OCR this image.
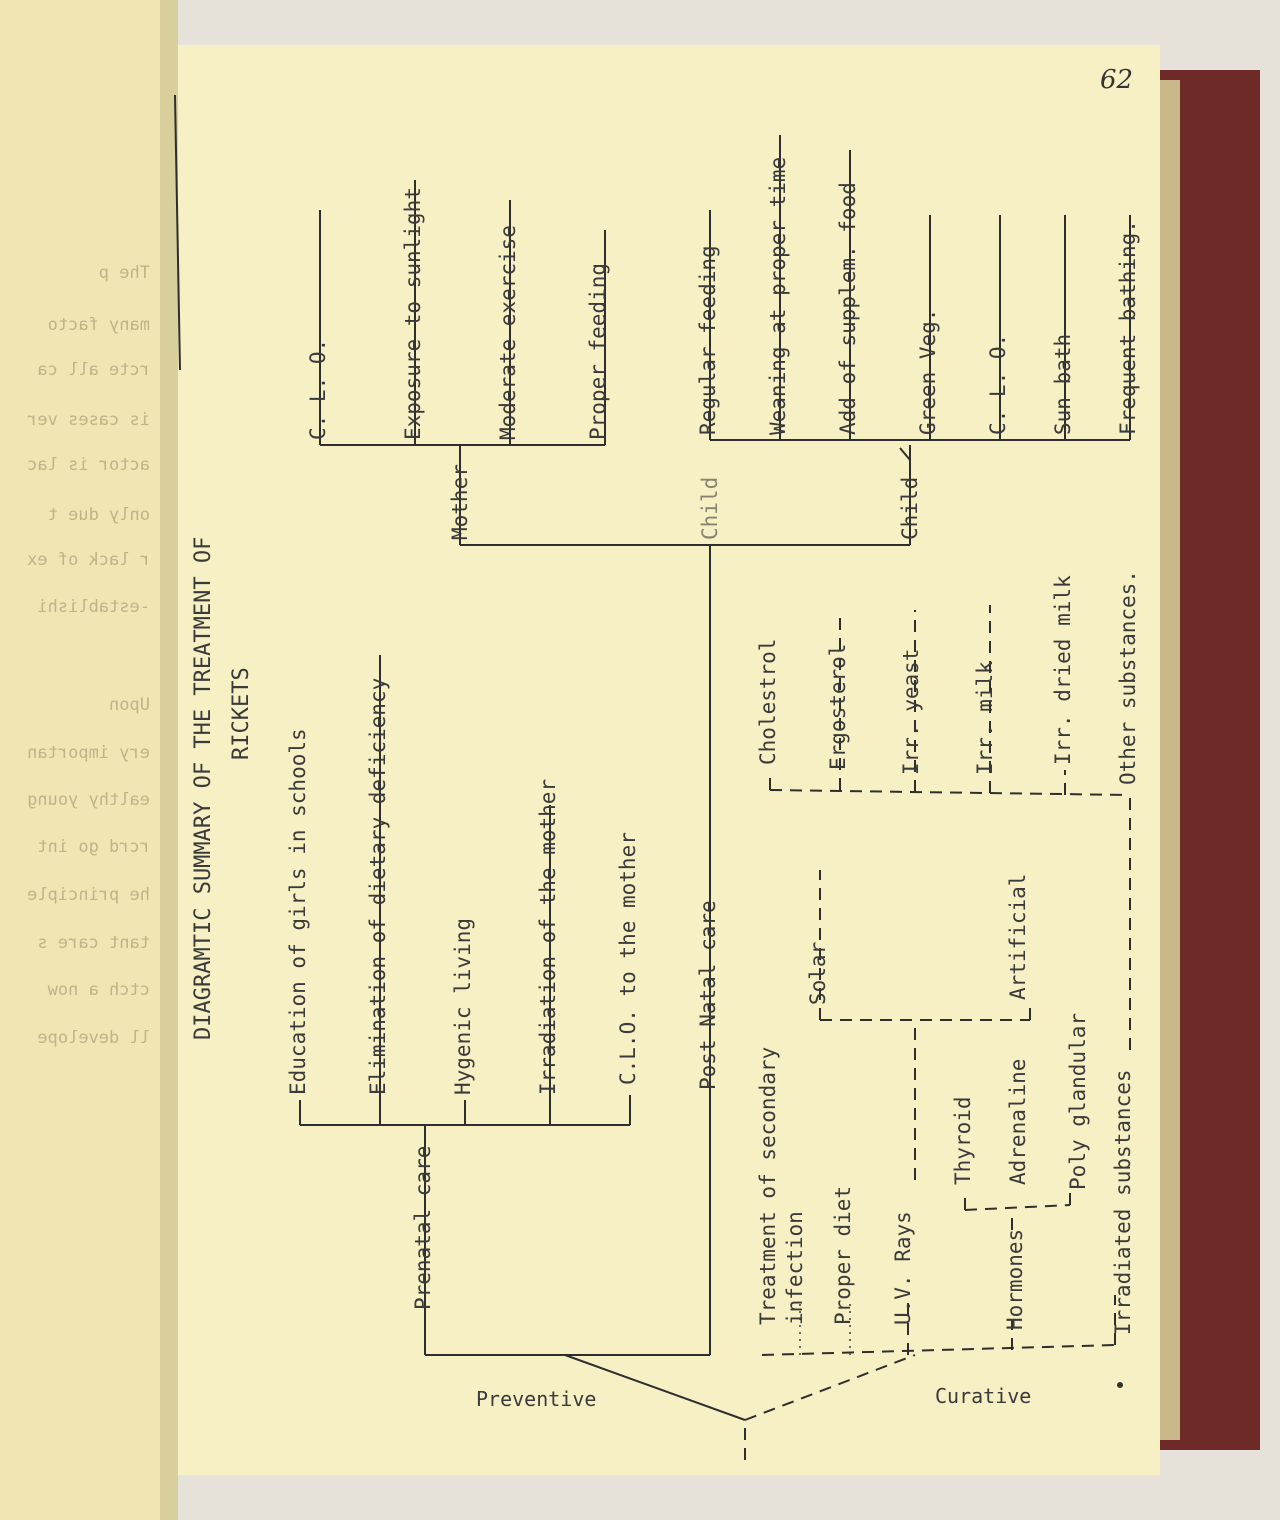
The p
many facto
rcte all ca
is cases ver
actor is lac
only due t
r lack of ex
-establishi
Upon
ery importan
ealthy young
rcrd go int
he principle
tant care s
ctch a now
ll develope
62
DIAGRAMTIC SUMMARY OF THE TREATMENT OF RICKETS
Preventive	Curative
Prenatal care
Education of girls in schools	Elimination of dietary deficiency	Hygenic living	Irradiation of the mother	C.L.O. to the mother	Post Natal care
Mother	Child	Child
C. L. O.	Exposure to sunlight	Moderate exercise	Proper feeding	Regular feeding Weaning at proper time Add of supplem. food	Green Veg. C. L. O. Sun bath Frequent bathing.
Treatment of secondary infection Proper diet U.V. Rays
Solar	Artificial
Hormones
Thyroid Adrenaline Poly glandular Irradiated substances
Cholestrol Ergosterol Irr. yeast Irr. milk	Irr. dried milk Other substances.
